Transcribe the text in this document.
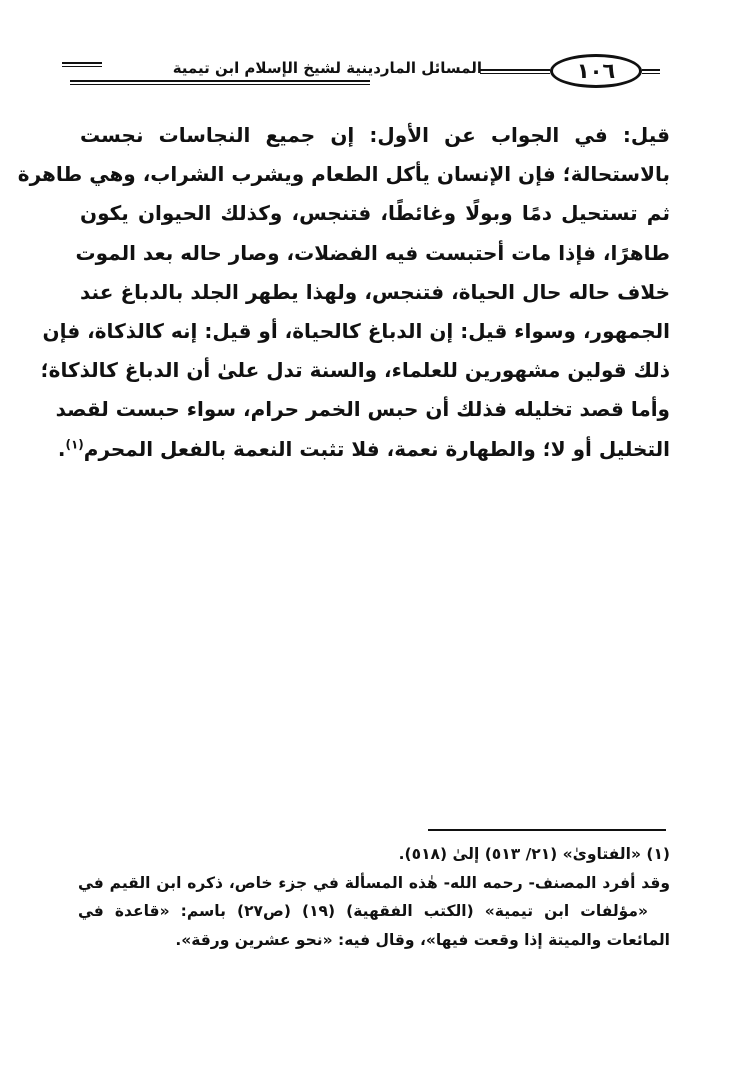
المسائل الماردينية لشيخ الإسلام ابن تيمية	١٠٦
قيل: في الجواب عن الأول: إن جميع النجاسات نجست
بالاستحالة؛ فإن الإنسان يأكل الطعام ويشرب الشراب، وهي طاهرة
ثم تستحيل دمًا وبولًا وغائطًا، فتنجس، وكذلك الحيوان يكون
طاهرًا، فإذا مات أحتبست فيه الفضلات، وصار حاله بعد الموت
خلاف حاله حال الحياة، فتنجس، ولهذا يطهر الجلد بالدباغ عند
الجمهور، وسواء قيل: إن الدباغ كالحياة، أو قيل: إنه كالذكاة، فإن
ذلك قولين مشهورين للعلماء، والسنة تدل علىٰ أن الدباغ كالذكاة؛
وأما قصد تخليله فذلك أن حبس الخمر حرام، سواء حبست لقصد
التخليل أو لا؛ والطهارة نعمة، فلا تثبت النعمة بالفعل المحرم$^{(١)}$.
(١) «الفتاوىٰ» (٢١/ ٥١٣) إلىٰ (٥١٨).
وقد أفرد المصنف- رحمه الله- هٰذه المسألة في جزء خاص، ذكره ابن القيم في
«مؤلفات ابن تيمية» (الكتب الفقهية) (١٩) (ص٢٧) باسم: «قاعدة في
المائعات والميتة إذا وقعت فيها»، وقال فيه: «نحو عشرين ورقة».
